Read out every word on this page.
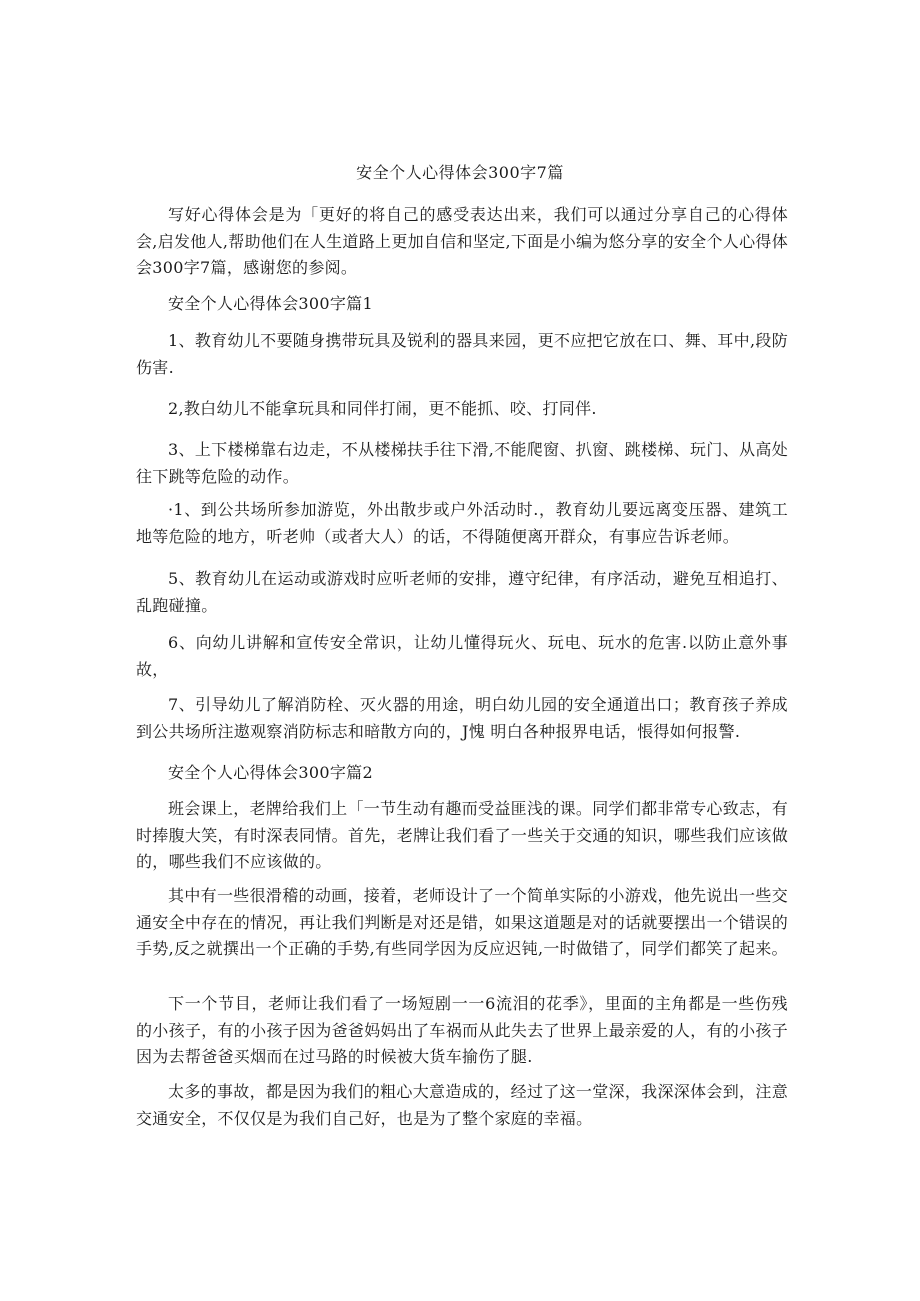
安全个人心得体会300字7篇
写好心得体会是为「更好的将自己的感受表达出来，我们可以通过分享自己的心得体会,启发他人,帮助他们在人生道路上更加自信和坚定,下面是小编为悠分享的安全个人心得体会300字7篇，感谢您的参阅。
安全个人心得体会300字篇1
1、教育幼儿不要随身携带玩具及锐利的器具来园，更不应把它放在口、舞、耳中,段防伤害.
2,教白幼儿不能拿玩具和同伴打闹，更不能抓、咬、打同伴.
3、上下楼梯靠右边走，不从楼梯扶手往下滑,不能爬窗、扒窗、跳楼梯、玩门、从高处往下跳等危险的动作。
·1、到公共场所参加游览，外出散步或户外活动时.，教育幼儿要远离变压器、建筑工地等危险的地方，听老帅（或者大人）的话，不得随便离开群众，有事应告诉老师。
5、教育幼儿在运动或游戏时应听老师的安排，遵守纪律，有序活动，避免互相追打、乱跑碰撞。
6、向幼儿讲解和宣传安全常识，让幼儿懂得玩火、玩电、玩水的危害.以防止意外事故，
7、引导幼儿了解消防栓、灭火器的用途，明白幼儿园的安全通道出口；教育孩子养成到公共场所注遨观察消防标志和暗散方向的，J愧 明白各种报界电话，悵得如何报警.
安全个人心得体会300字篇2
班会课上，老牌给我们上「一节生动有趣而受益匪浅的课。同学们都非常专心致志，有时捧腹大笑，有时深表同情。首先，老牌让我们看了一些关于交通的知识，哪些我们应该做的，哪些我们不应该做的。
其中有一些很滑稽的动画，接着，老师设计了一个简单实际的小游戏，他先说出一些交通安全中存在的情况，再让我们判断是对还是错，如果这道题是对的话就要摆出一个错误的手势,反之就撰出一个正确的手势,有些同学因为反应迟钝,一时做错了，同学们都笑了起来。
下一个节目，老师让我们看了一场短剧一一6流泪的花季》，里面的主角都是一些伤残的小孩子，有的小孩子因为爸爸妈妈出了车祸而从此失去了世界上最亲爱的人，有的小孩子因为去帮爸爸买烟而在过马路的时候被大货车揄伤了腿.
太多的事故，都是因为我们的粗心大意造成的，经过了这一堂深，我深深体会到，注意交通安全，不仅仅是为我们自己好，也是为了整个家庭的幸福。
